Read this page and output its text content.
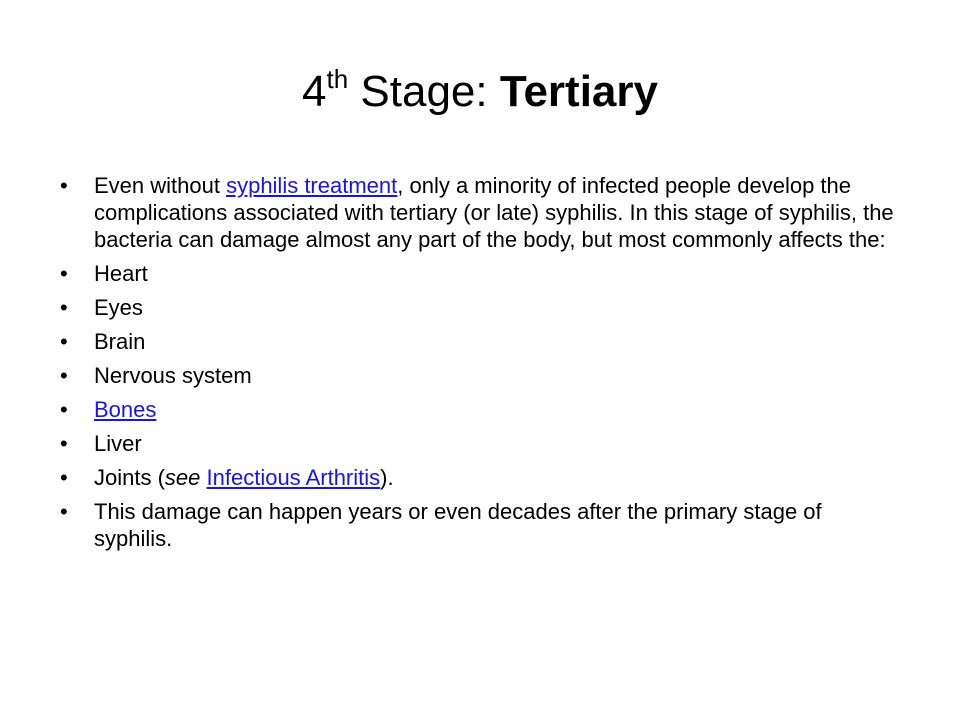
4th Stage: Tertiary
• Even without syphilis treatment, only a minority of infected people develop the complications associated with tertiary (or late) syphilis. In this stage of syphilis, the bacteria can damage almost any part of the body, but most commonly affects the:
• Heart
• Eyes
• Brain
• Nervous system
• Bones
• Liver
• Joints (see Infectious Arthritis).
• This damage can happen years or even decades after the primary stage of syphilis.
